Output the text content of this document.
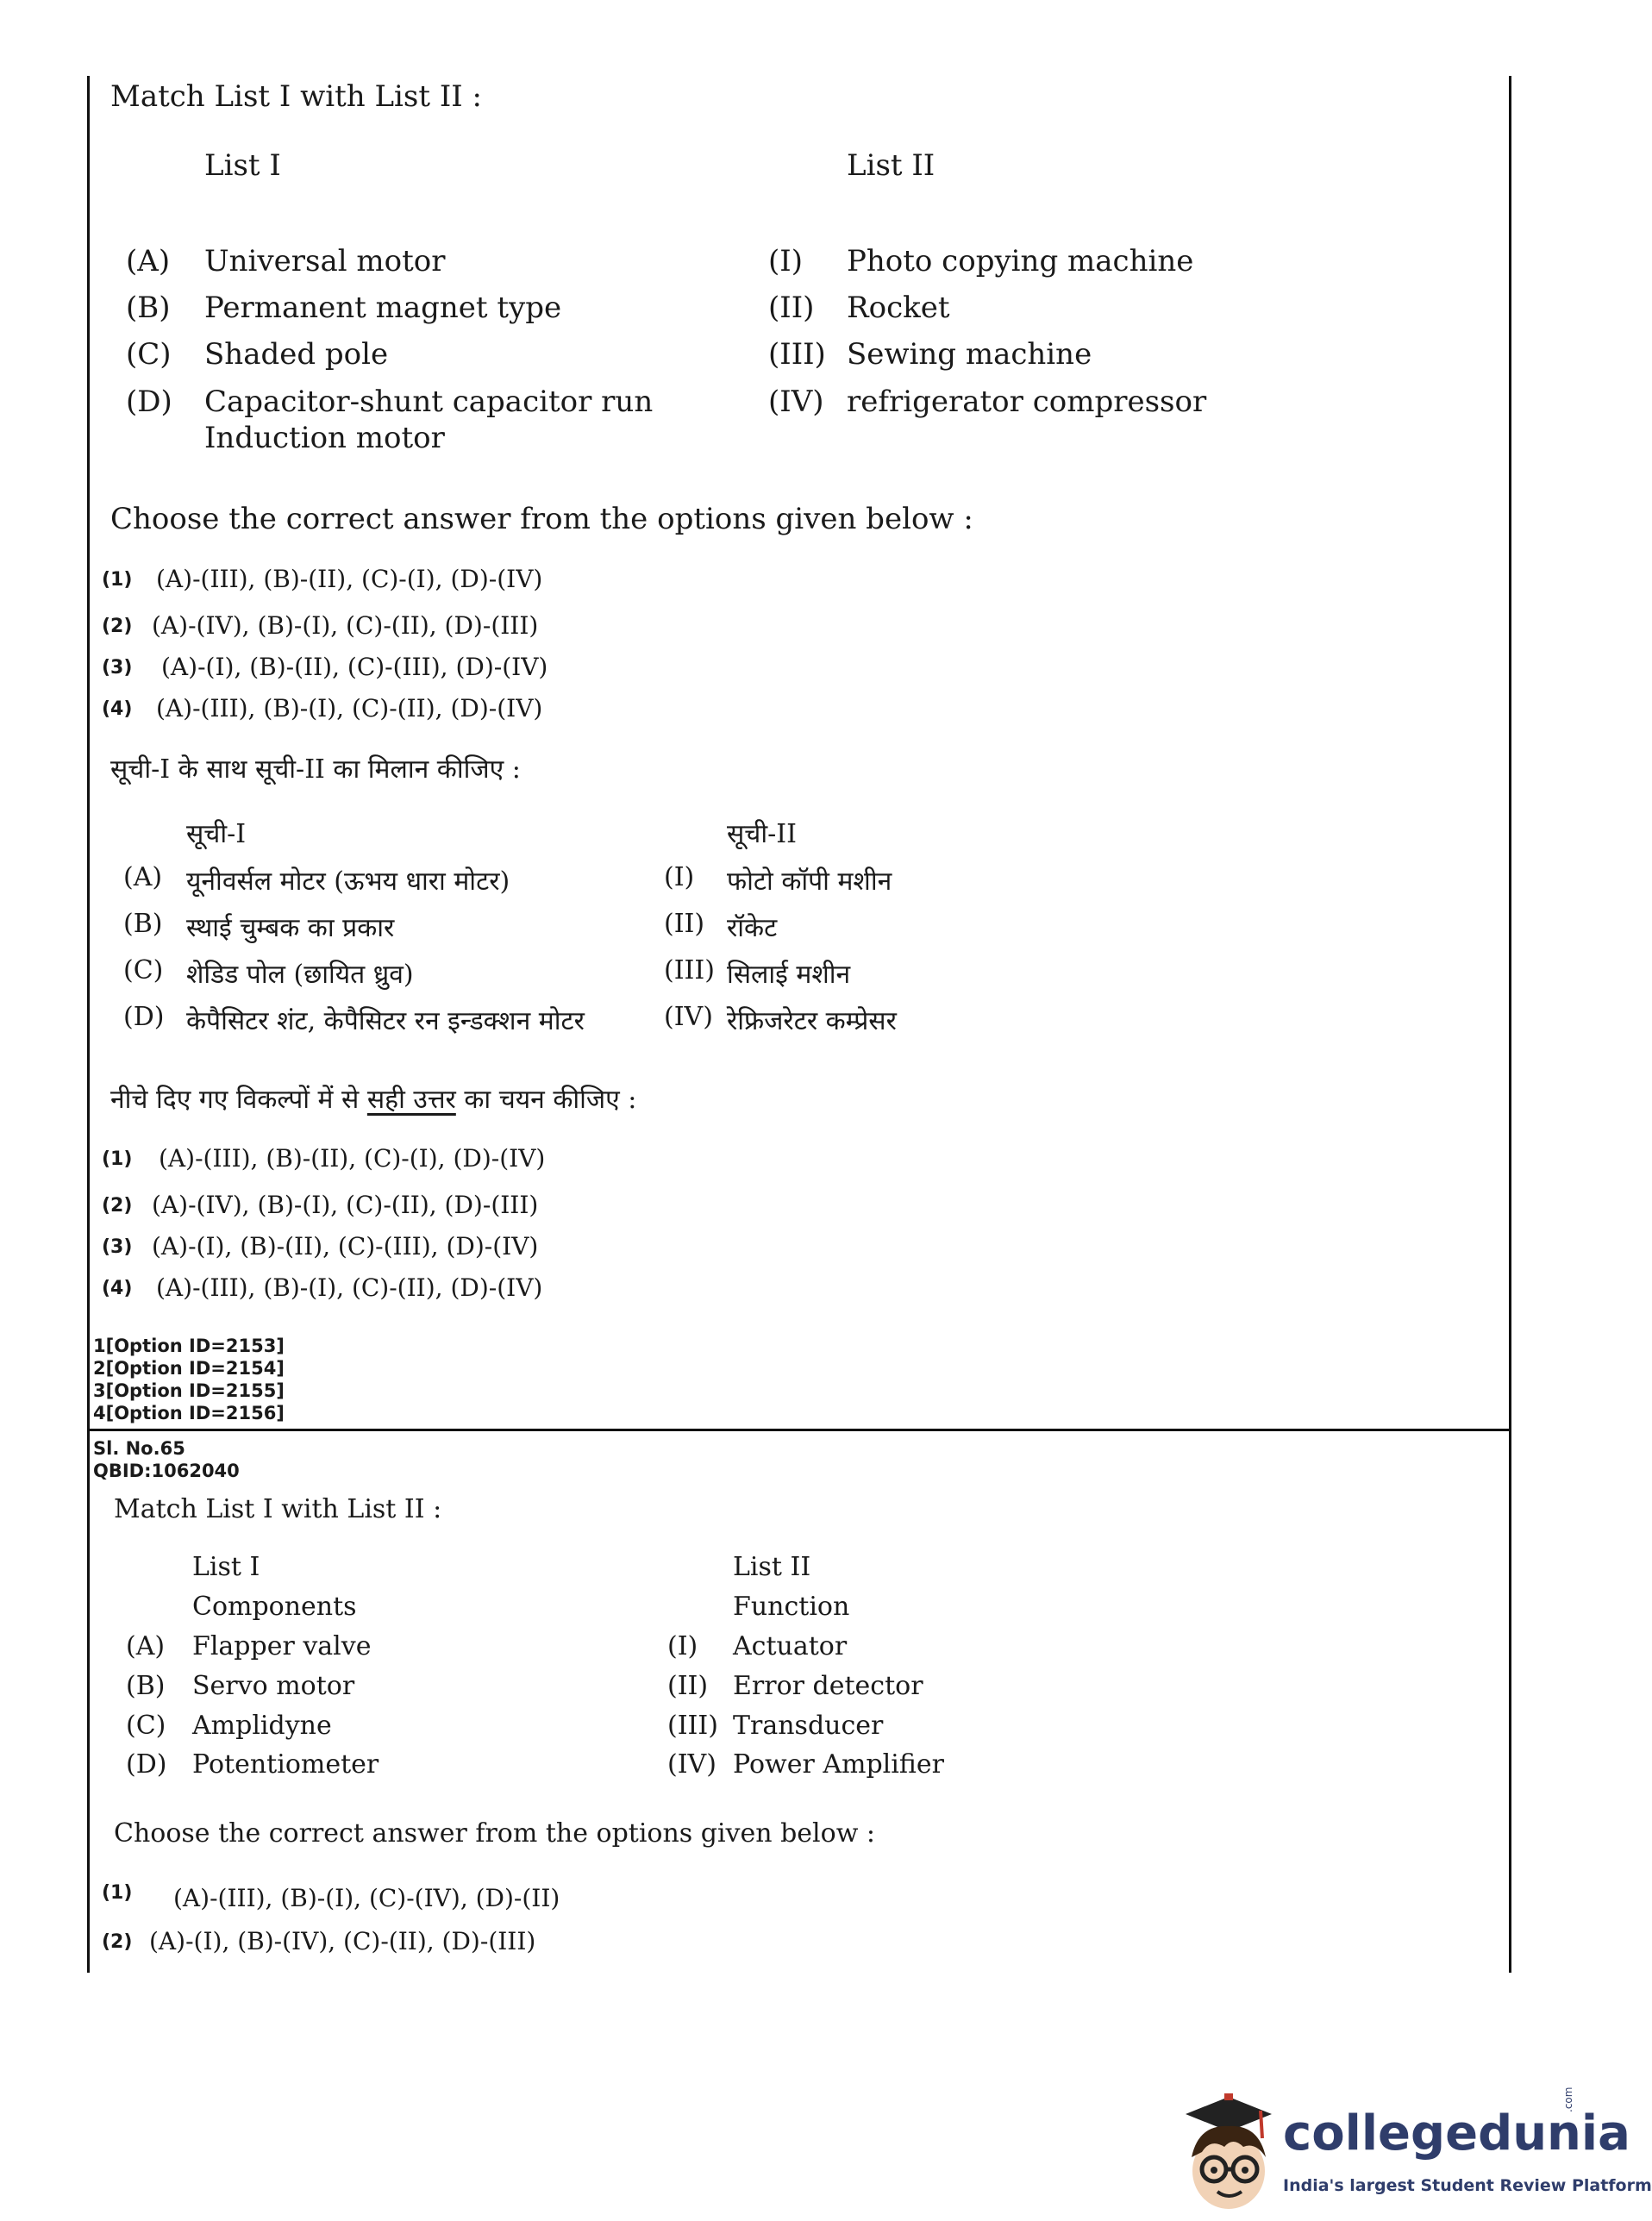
Match List I with List II :
List I	List II
(A) Universal motor
(B) Permanent magnet type
(C) Shaded pole
(D) Capacitor-shunt capacitor run
Induction motor
(I) Photo copying machine
(II) Rocket
(III) Sewing machine
(IV) refrigerator compressor
Choose the correct answer from the options given below :
(1) (A)-(III), (B)-(II), (C)-(I), (D)-(IV)
(2) (A)-(IV), (B)-(I), (C)-(II), (D)-(III)
(3) (A)-(I), (B)-(II), (C)-(III), (D)-(IV)
(4) (A)-(III), (B)-(I), (C)-(II), (D)-(IV)
सूची-I के साथ सूची-II का मिलान कीजिए :
सूची-I	सूची-II
(A) यूनीवर्सल मोटर (ऊभय धारा मोटर)
(B) स्थाई चुम्बक का प्रकार
(C) शेडिड पोल (छायित ध्रुव)
(D) केपैसिटर शंट, केपैसिटर रन इन्डक्शन मोटर
(I) फोटो कॉपी मशीन
(II) रॉकेट
(III) सिलाई मशीन
(IV) रेफ्रिजरेटर कम्प्रेसर
नीचे दिए गए विकल्पों में से सही उत्तर का चयन कीजिए :
(1) (A)-(III), (B)-(II), (C)-(I), (D)-(IV)
(2) (A)-(IV), (B)-(I), (C)-(II), (D)-(III)
(3) (A)-(I), (B)-(II), (C)-(III), (D)-(IV)
(4) (A)-(III), (B)-(I), (C)-(II), (D)-(IV)
1[Option ID=2153]
2[Option ID=2154]
3[Option ID=2155]
4[Option ID=2156]
Sl. No.65
QBID:1062040
Match List I with List II :
List I
Components
List II
Function
(A) Flapper valve
(B) Servo motor
(C) Amplidyne
(D) Potentiometer
(I) Actuator
(II) Error detector
(III) Transducer
(IV) Power Amplifier
Choose the correct answer from the options given below :
(1) (A)-(III), (B)-(I), (C)-(IV), (D)-(II)
(2) (A)-(I), (B)-(IV), (C)-(II), (D)-(III)
collegedunia
.com
India's largest Student Review Platform
